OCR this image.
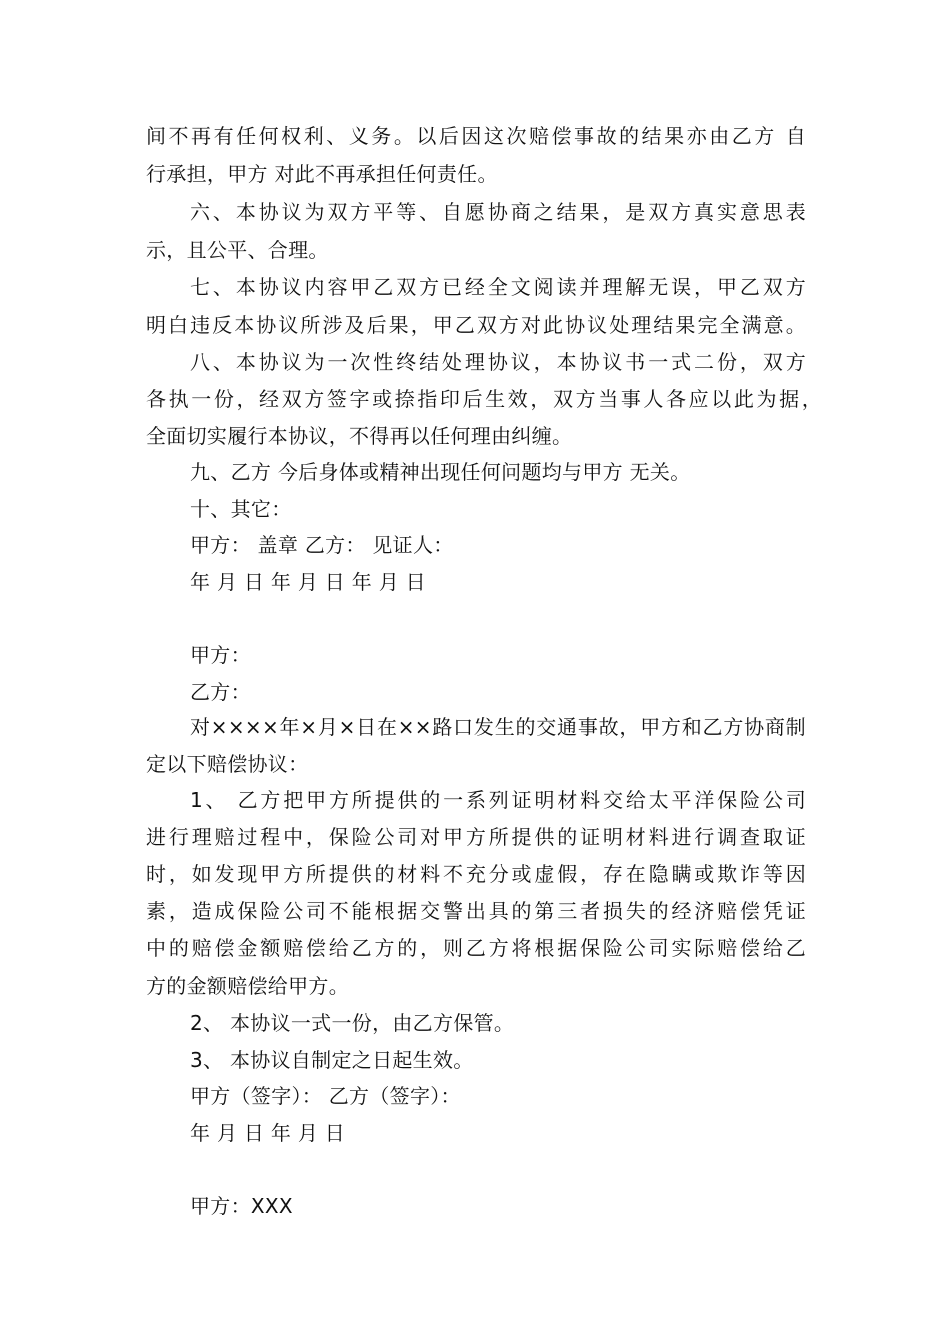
间不再有任何权利、义务。以后因这次赔偿事故的结果亦由乙方 自
行承担，甲方 对此不再承担任何责任。
六、本协议为双方平等、自愿协商之结果，是双方真实意思表
示，且公平、合理。
七、本协议内容甲乙双方已经全文阅读并理解无误，甲乙双方
明白违反本协议所涉及后果，甲乙双方对此协议处理结果完全满意。
八、本协议为一次性终结处理协议，本协议书一式二份，双方
各执一份，经双方签字或捺指印后生效，双方当事人各应以此为据，
全面切实履行本协议，不得再以任何理由纠缠。
九、乙方 今后身体或精神出现任何问题均与甲方 无关。
十、其它：
甲方： 盖章 乙方： 见证人：
年 月 日 年 月 日 年 月 日
甲方：
乙方：
对××××年×月×日在××路口发生的交通事故，甲方和乙方协商制
定以下赔偿协议：
1、 乙方把甲方所提供的一系列证明材料交给太平洋保险公司
进行理赔过程中，保险公司对甲方所提供的证明材料进行调查取证
时，如发现甲方所提供的材料不充分或虚假，存在隐瞒或欺诈等因
素，造成保险公司不能根据交警出具的第三者损失的经济赔偿凭证
中的赔偿金额赔偿给乙方的，则乙方将根据保险公司实际赔偿给乙
方的金额赔偿给甲方。
2、 本协议一式一份，由乙方保管。
3、 本协议自制定之日起生效。
甲方（签字）： 乙方（签字）：
年 月 日 年 月 日
甲方：XXX
